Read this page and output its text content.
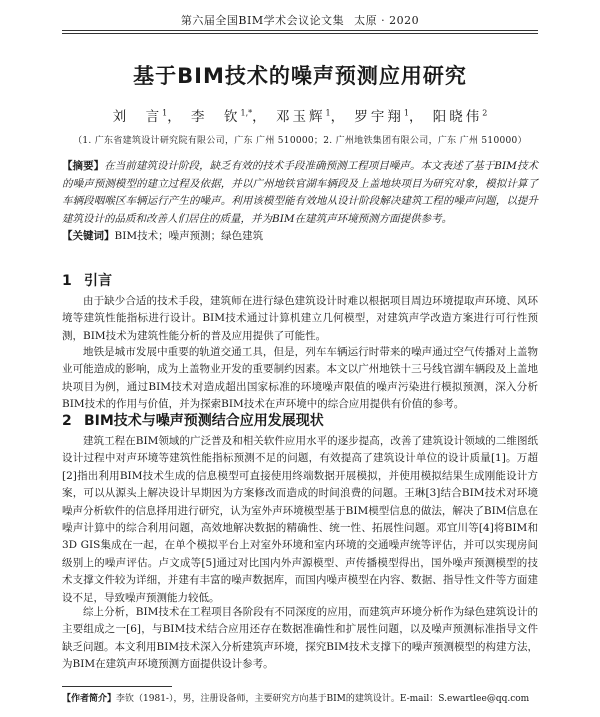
第六届全国BIM学术会议论文集 太原 · 2020
基于BIM技术的噪声预测应用研究
刘　言$^1$， 李　钦$^{1,*}$， 邓玉辉$^1$， 罗宇翔$^1$， 阳晓伟$^2$
（1. 广东省建筑设计研究院有限公司，广东 广州 510000；2. 广州地铁集团有限公司，广东 广州 510000）
【摘要】在当前建筑设计阶段，缺乏有效的技术手段准确预测工程项目噪声。本文表述了基于BIM技术的噪声预测模型的建立过程及依据，并以广州地铁官湖车辆段及上盖地块项目为研究对象，模拟计算了车辆段咽喉区车辆运行产生的噪声。利用该模型能有效地从设计阶段解决建筑工程的噪声问题，以提升建筑设计的品质和改善人们居住的质量，并为BIM在建筑声环境预测方面提供参考。
【关键词】BIM技术；噪声预测；绿色建筑
1 引言
由于缺少合适的技术手段，建筑师在进行绿色建筑设计时难以根据项目周边环境提取声环境、风环境等建筑性能指标进行设计。BIM技术通过计算机建立几何模型，对建筑声学改造方案进行可行性预测，BIM技术为建筑性能分析的普及应用提供了可能性。
地铁是城市发展中重要的轨道交通工具，但是，列车车辆运行时带来的噪声通过空气传播对上盖物业可能造成的影响，成为上盖物业开发的重要制约因素。本文以广州地铁十三号线官湖车辆段及上盖地块项目为例，通过BIM技术对造成超出国家标准的环境噪声限值的噪声污染进行模拟预测，深入分析BIM技术的作用与价值，并为探索BIM技术在声环境中的综合应用提供有价值的参考。
2 BIM技术与噪声预测结合应用发展现状
建筑工程在BIM领域的广泛普及和相关软件应用水平的逐步提高，改善了建筑设计领域的二维图纸设计过程中对声环境等建筑性能指标预测不足的问题，有效提高了建筑设计单位的设计质量[1]。万超[2]指出利用BIM技术生成的信息模型可直接使用终端数据开展模拟，并使用模拟结果生成刚能设计方案，可以从源头上解决设计早期因为方案修改而造成的时间浪费的问题。王琳[3]结合BIM技术对环境噪声分析软件的信息择用进行研究，认为室外声环境模型基于BIM模型信息的做法，解决了BIM信息在噪声计算中的综合利用问题，高效地解决数据的精确性、统一性、拓展性问题。邓宜川等[4]将BIM和3D GIS集成在一起，在单个模拟平台上对室外环境和室内环境的交通噪声统等评估，并可以实现房间级别上的噪声评估。卢文成等[5]通过对比国内外声源模型、声传播模型得出，国外噪声预测模型的技术支撑文件较为详细，并建有丰富的噪声数据库，而国内噪声模型在内容、数据、指导性文件等方面建设不足，导致噪声预测能力较低。
综上分析，BIM技术在工程项目各阶段有不同深度的应用，而建筑声环境分析作为绿色建筑设计的主要组成之一[6]，与BIM技术结合应用还存在数据准确性和扩展性问题，以及噪声预测标准指导文件缺乏问题。本文利用BIM技术深入分析建筑声环境，探究BIM技术支撑下的噪声预测模型的构建方法，为BIM在建筑声环境预测方面提供设计参考。
【作者简介】李钦（1981-），男，注册设备师，主要研究方向基于BIM的建筑设计。E-mail：S.ewartlee@qq.com
